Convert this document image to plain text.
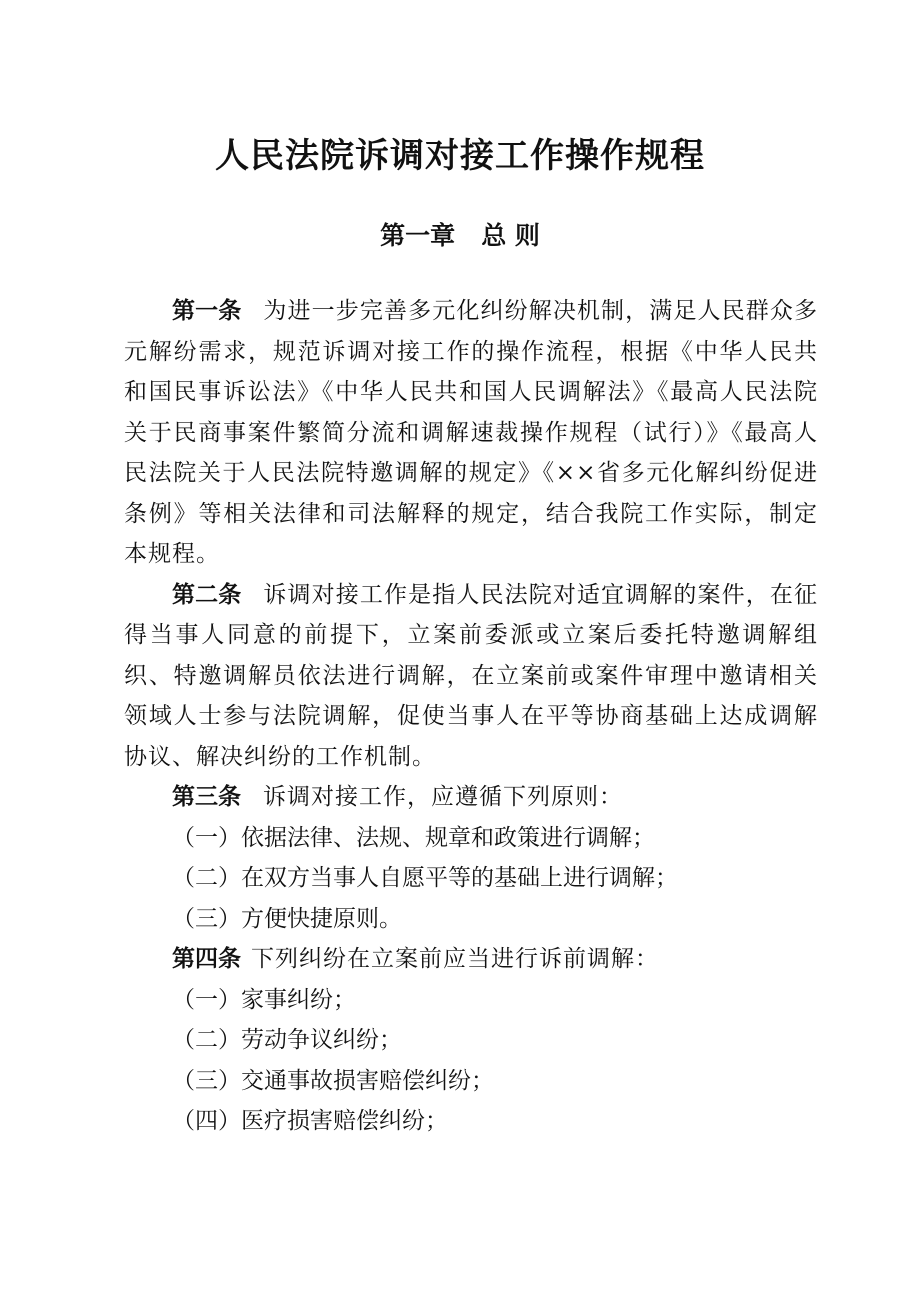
人民法院诉调对接工作操作规程
第一章   总 则

第一条 为进一步完善多元化纠纷解决机制，满足人民群众多元解纷需求，规范诉调对接工作的操作流程，根据《中华人民共和国民事诉讼法》《中华人民共和国人民调解法》《最高人民法院关于民商事案件繁简分流和调解速裁操作规程（试行）》《最高人民法院关于人民法院特邀调解的规定》《××省多元化解纠纷促进条例》等相关法律和司法解释的规定，结合我院工作实际，制定本规程。

第二条 诉调对接工作是指人民法院对适宜调解的案件，在征得当事人同意的前提下，立案前委派或立案后委托特邀调解组织、特邀调解员依法进行调解，在立案前或案件审理中邀请相关领域人士参与法院调解，促使当事人在平等协商基础上达成调解协议、解决纠纷的工作机制。

第三条 诉调对接工作，应遵循下列原则：

（一）依据法律、法规、规章和政策进行调解；

（二）在双方当事人自愿平等的基础上进行调解；

（三）方便快捷原则。

第四条 下列纠纷在立案前应当进行诉前调解：

（一）家事纠纷；

（二）劳动争议纠纷；

（三）交通事故损害赔偿纠纷；

（四）医疗损害赔偿纠纷；
